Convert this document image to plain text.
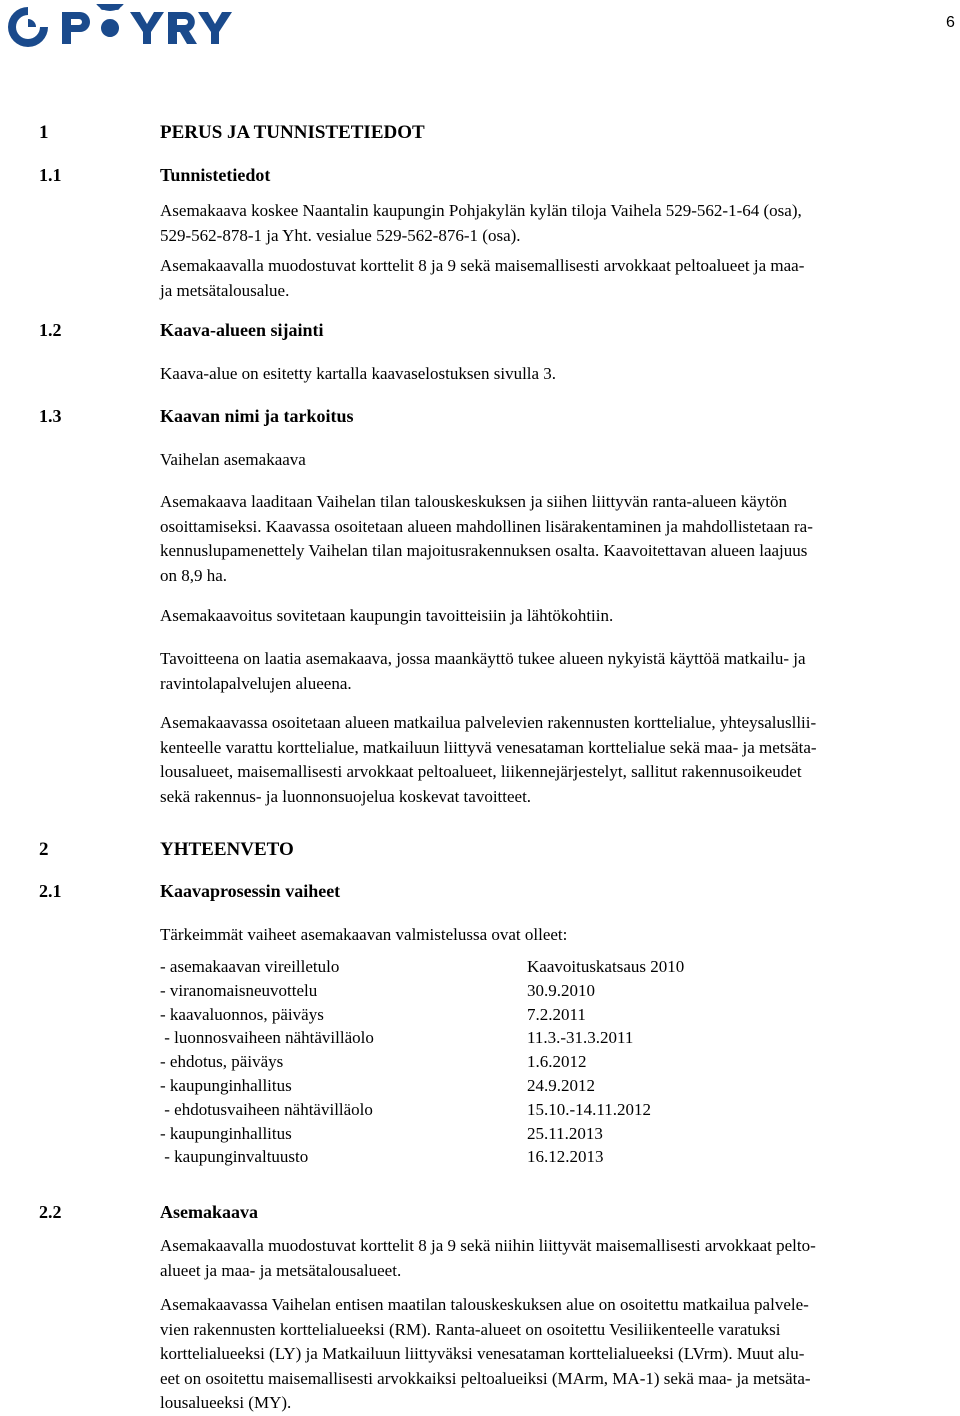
6
1	PERUS JA TUNNISTETIEDOT
1.1	Tunnistetiedot
Asemakaava koskee Naantalin kaupungin Pohjakylän kylän tiloja Vaihela 529-562-1-64 (osa),
529-562-878-1 ja Yht. vesialue 529-562-876-1 (osa).
Asemakaavalla muodostuvat korttelit 8 ja 9 sekä maisemallisesti arvokkaat peltoalueet ja maa-
ja metsätalousalue.
1.2	Kaava-alueen sijainti
Kaava-alue on esitetty kartalla kaavaselostuksen sivulla 3.
1.3	Kaavan nimi ja tarkoitus
Vaihelan asemakaava
Asemakaava laaditaan Vaihelan tilan talouskeskuksen ja siihen liittyvän ranta-alueen käytön
osoittamiseksi. Kaavassa osoitetaan alueen mahdollinen lisärakentaminen ja mahdollistetaan ra-
kennuslupamenettely Vaihelan tilan majoitusrakennuksen osalta. Kaavoitettavan alueen laajuus
on 8,9 ha.
Asemakaavoitus sovitetaan kaupungin tavoitteisiin ja lähtökohtiin.
Tavoitteena on laatia asemakaava, jossa maankäyttö tukee alueen nykyistä käyttöä matkailu- ja
ravintolapalvelujen alueena.
Asemakaavassa osoitetaan alueen matkailua palvelevien rakennusten korttelialue, yhteysalusllii-
kenteelle varattu korttelialue, matkailuun liittyvä venesataman korttelialue sekä maa- ja metsäta-
lousalueet, maisemallisesti arvokkaat peltoalueet, liikennejärjestelyt, sallitut rakennusoikeudet
sekä rakennus- ja luonnonsuojelua koskevat tavoitteet.
2	YHTEENVETO
2.1	Kaavaprosessin vaiheet
Tärkeimmät vaiheet asemakaavan valmistelussa ovat olleet:
- asemakaavan vireilletulo	Kaavoituskatsaus 2010
- viranomaisneuvottelu	30.9.2010
- kaavaluonnos, päiväys	7.2.2011
- luonnosvaiheen nähtävilläolo	11.3.-31.3.2011
- ehdotus, päiväys	1.6.2012
- kaupunginhallitus	24.9.2012
- ehdotusvaiheen nähtävilläolo	15.10.-14.11.2012
- kaupunginhallitus	25.11.2013
- kaupunginvaltuusto	16.12.2013
2.2	Asemakaava
Asemakaavalla muodostuvat korttelit 8 ja 9 sekä niihin liittyvät maisemallisesti arvokkaat pelto-
alueet ja maa- ja metsätalousalueet.
Asemakaavassa Vaihelan entisen maatilan talouskeskuksen alue on osoitettu matkailua palvele-
vien rakennusten korttelialueeksi (RM). Ranta-alueet on osoitettu Vesiliikenteelle varatuksi
korttelialueeksi (LY) ja Matkailuun liittyväksi venesataman korttelialueeksi (LVrm). Muut alu-
eet on osoitettu maisemallisesti arvokkaiksi peltoalueiksi (MArm, MA-1) sekä maa- ja metsäta-
lousalueeksi (MY).
